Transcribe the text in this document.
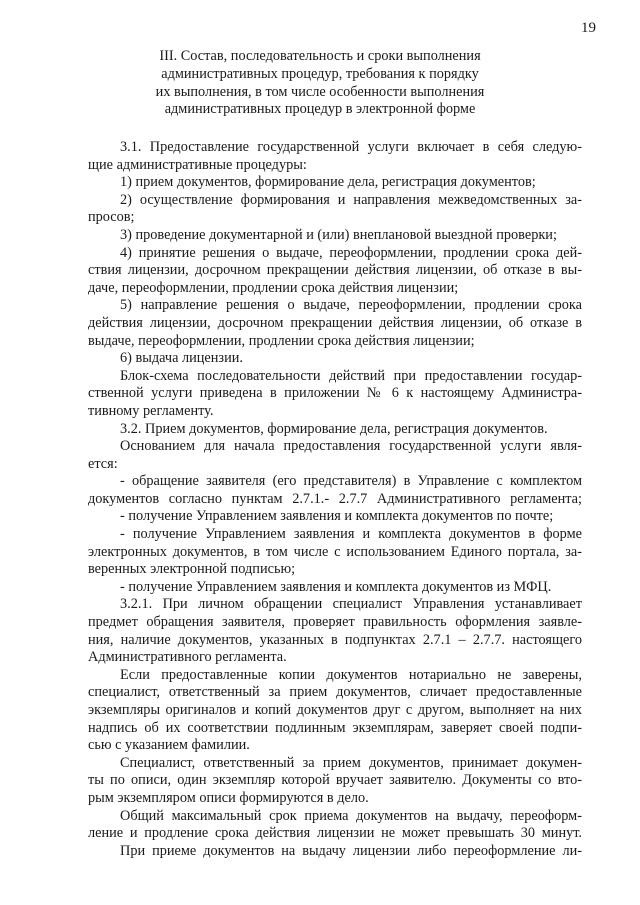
19
III. Состав, последовательность и сроки выполнения
административных процедур, требования к порядку
их выполнения, в том числе особенности выполнения
административных процедур в электронной форме
3.1. Предоставление государственной услуги включает в себя следую-
щие административные процедуры:
1) прием документов, формирование дела, регистрация документов;
2) осуществление формирования и направления межведомственных за-
просов;
3) проведение документарной и (или) внеплановой выездной проверки;
4) принятие решения о выдаче, переоформлении, продлении срока дей-
ствия лицензии, досрочном прекращении действия лицензии, об отказе в вы-
даче, переоформлении, продлении срока действия лицензии;
5) направление решения о выдаче, переоформлении, продлении срока
действия лицензии, досрочном прекращении действия лицензии, об отказе в
выдаче, переоформлении, продлении срока действия лицензии;
6) выдача лицензии.
Блок-схема последовательности действий при предоставлении государ-
ственной услуги приведена в приложении № 6 к настоящему Администра-
тивному регламенту.
3.2. Прием документов, формирование дела, регистрация документов.
Основанием для начала предоставления государственной услуги явля-
ется:
- обращение заявителя (его представителя) в Управление с комплектом
документов согласно пунктам 2.7.1.- 2.7.7 Административного регламента;
- получение Управлением заявления и комплекта документов по почте;
- получение Управлением заявления и комплекта документов в форме
электронных документов, в том числе с использованием Единого портала, за-
веренных электронной подписью;
- получение Управлением заявления и комплекта документов из МФЦ.
3.2.1. При личном обращении специалист Управления устанавливает
предмет обращения заявителя, проверяет правильность оформления заявле-
ния, наличие документов, указанных в подпунктах 2.7.1 – 2.7.7. настоящего
Административного регламента.
Если предоставленные копии документов нотариально не заверены,
специалист, ответственный за прием документов, сличает предоставленные
экземпляры оригиналов и копий документов друг с другом, выполняет на них
надпись об их соответствии подлинным экземплярам, заверяет своей подпи-
сью с указанием фамилии.
Специалист, ответственный за прием документов, принимает докумен-
ты по описи, один экземпляр которой вручает заявителю. Документы со вто-
рым экземпляром описи формируются в дело.
Общий максимальный срок приема документов на выдачу, переоформ-
ление и продление срока действия лицензии не может превышать 30 минут.
При приеме документов на выдачу лицензии либо переоформление ли-
